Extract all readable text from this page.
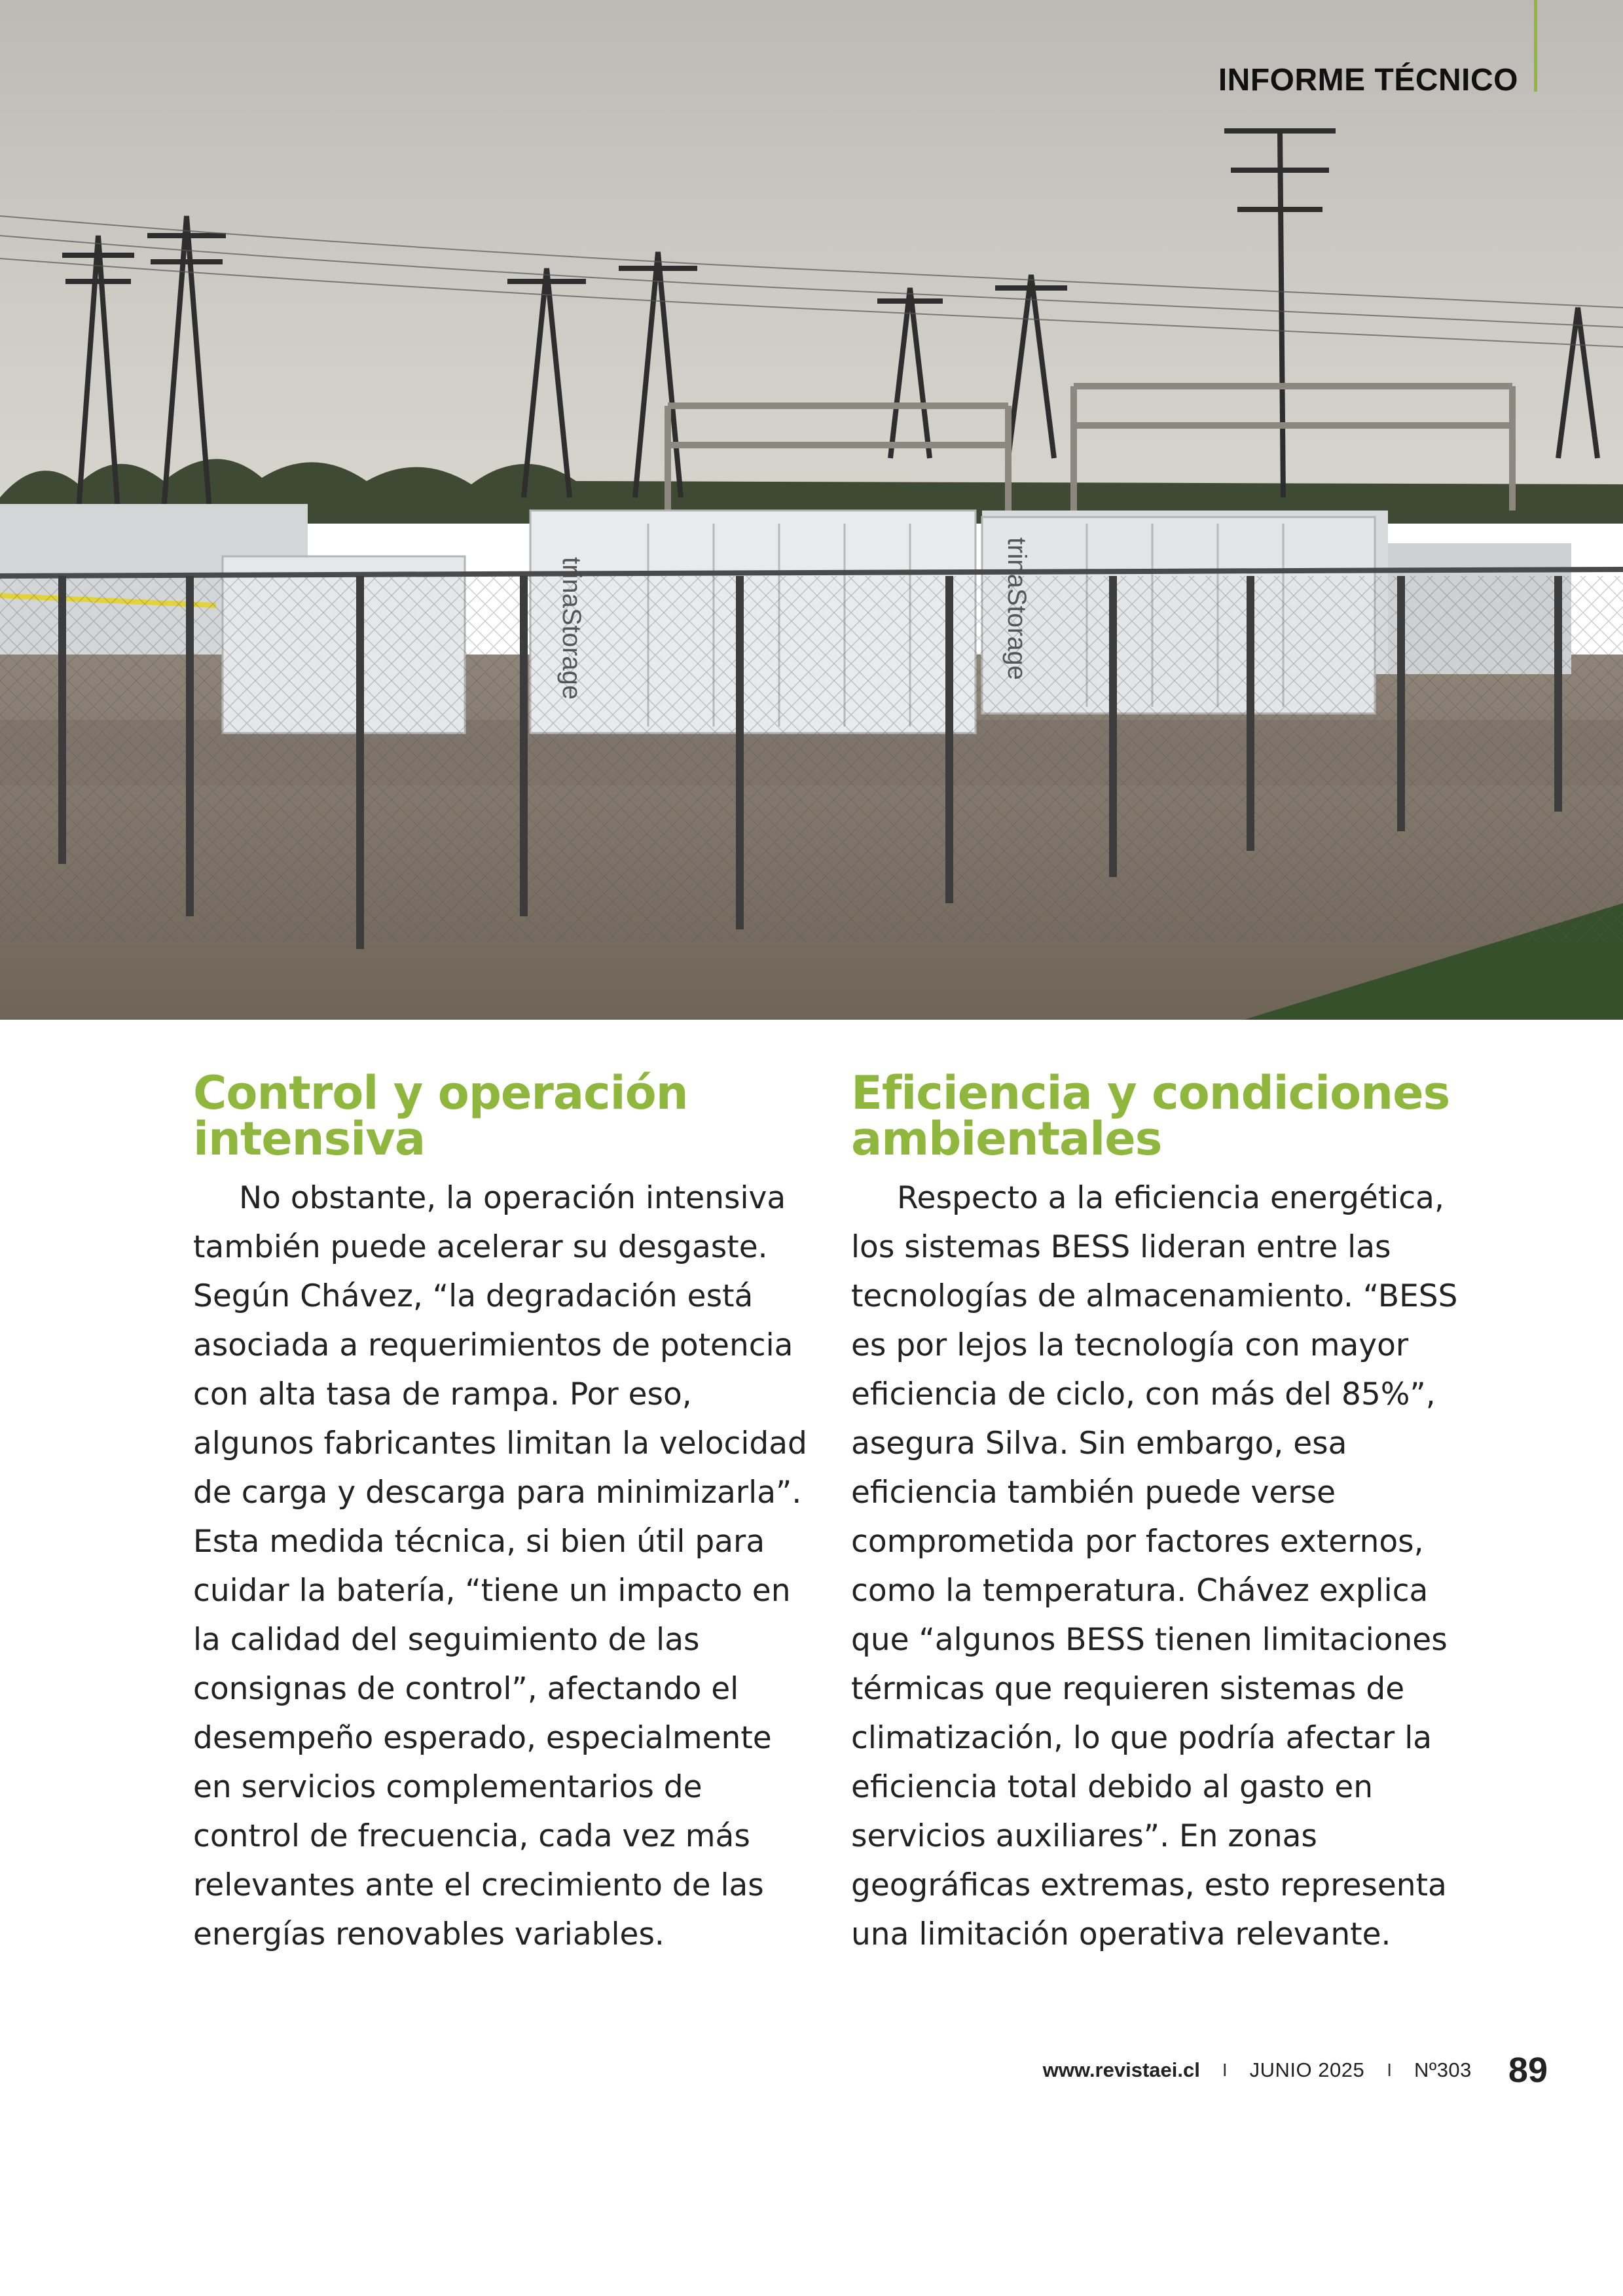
INFORME TÉCNICO
Control y operación intensiva

No obstante, la operación intensiva también puede acelerar su desgaste. Según Chávez, “la degradación está asociada a requerimientos de potencia con alta tasa de rampa. Por eso, algunos fabricantes limitan la velocidad de carga y descarga para minimizarla”. Esta medida técnica, si bien útil para cuidar la batería, “tiene un impacto en la calidad del seguimiento de las consignas de control”, afectando el desempeño esperado, especialmente en servicios complementarios de control de frecuencia, cada vez más relevantes ante el crecimiento de las energías renovables variables.

Eficiencia y condiciones ambientales

Respecto a la eficiencia energética, los sistemas BESS lideran entre las tecnologías de almacenamiento. “BESS es por lejos la tecnología con mayor eficiencia de ciclo, con más del 85%”, asegura Silva. Sin embargo, esa eficiencia también puede verse comprometida por factores externos, como la temperatura. Chávez explica que “algunos BESS tienen limitaciones térmicas que requieren sistemas de climatización, lo que podría afectar la eficiencia total debido al gasto en servicios auxiliares”. En zonas geográficas extremas, esto representa una limitación operativa relevante.

www.revistaei.cl I JUNIO 2025 I Nº303 89
